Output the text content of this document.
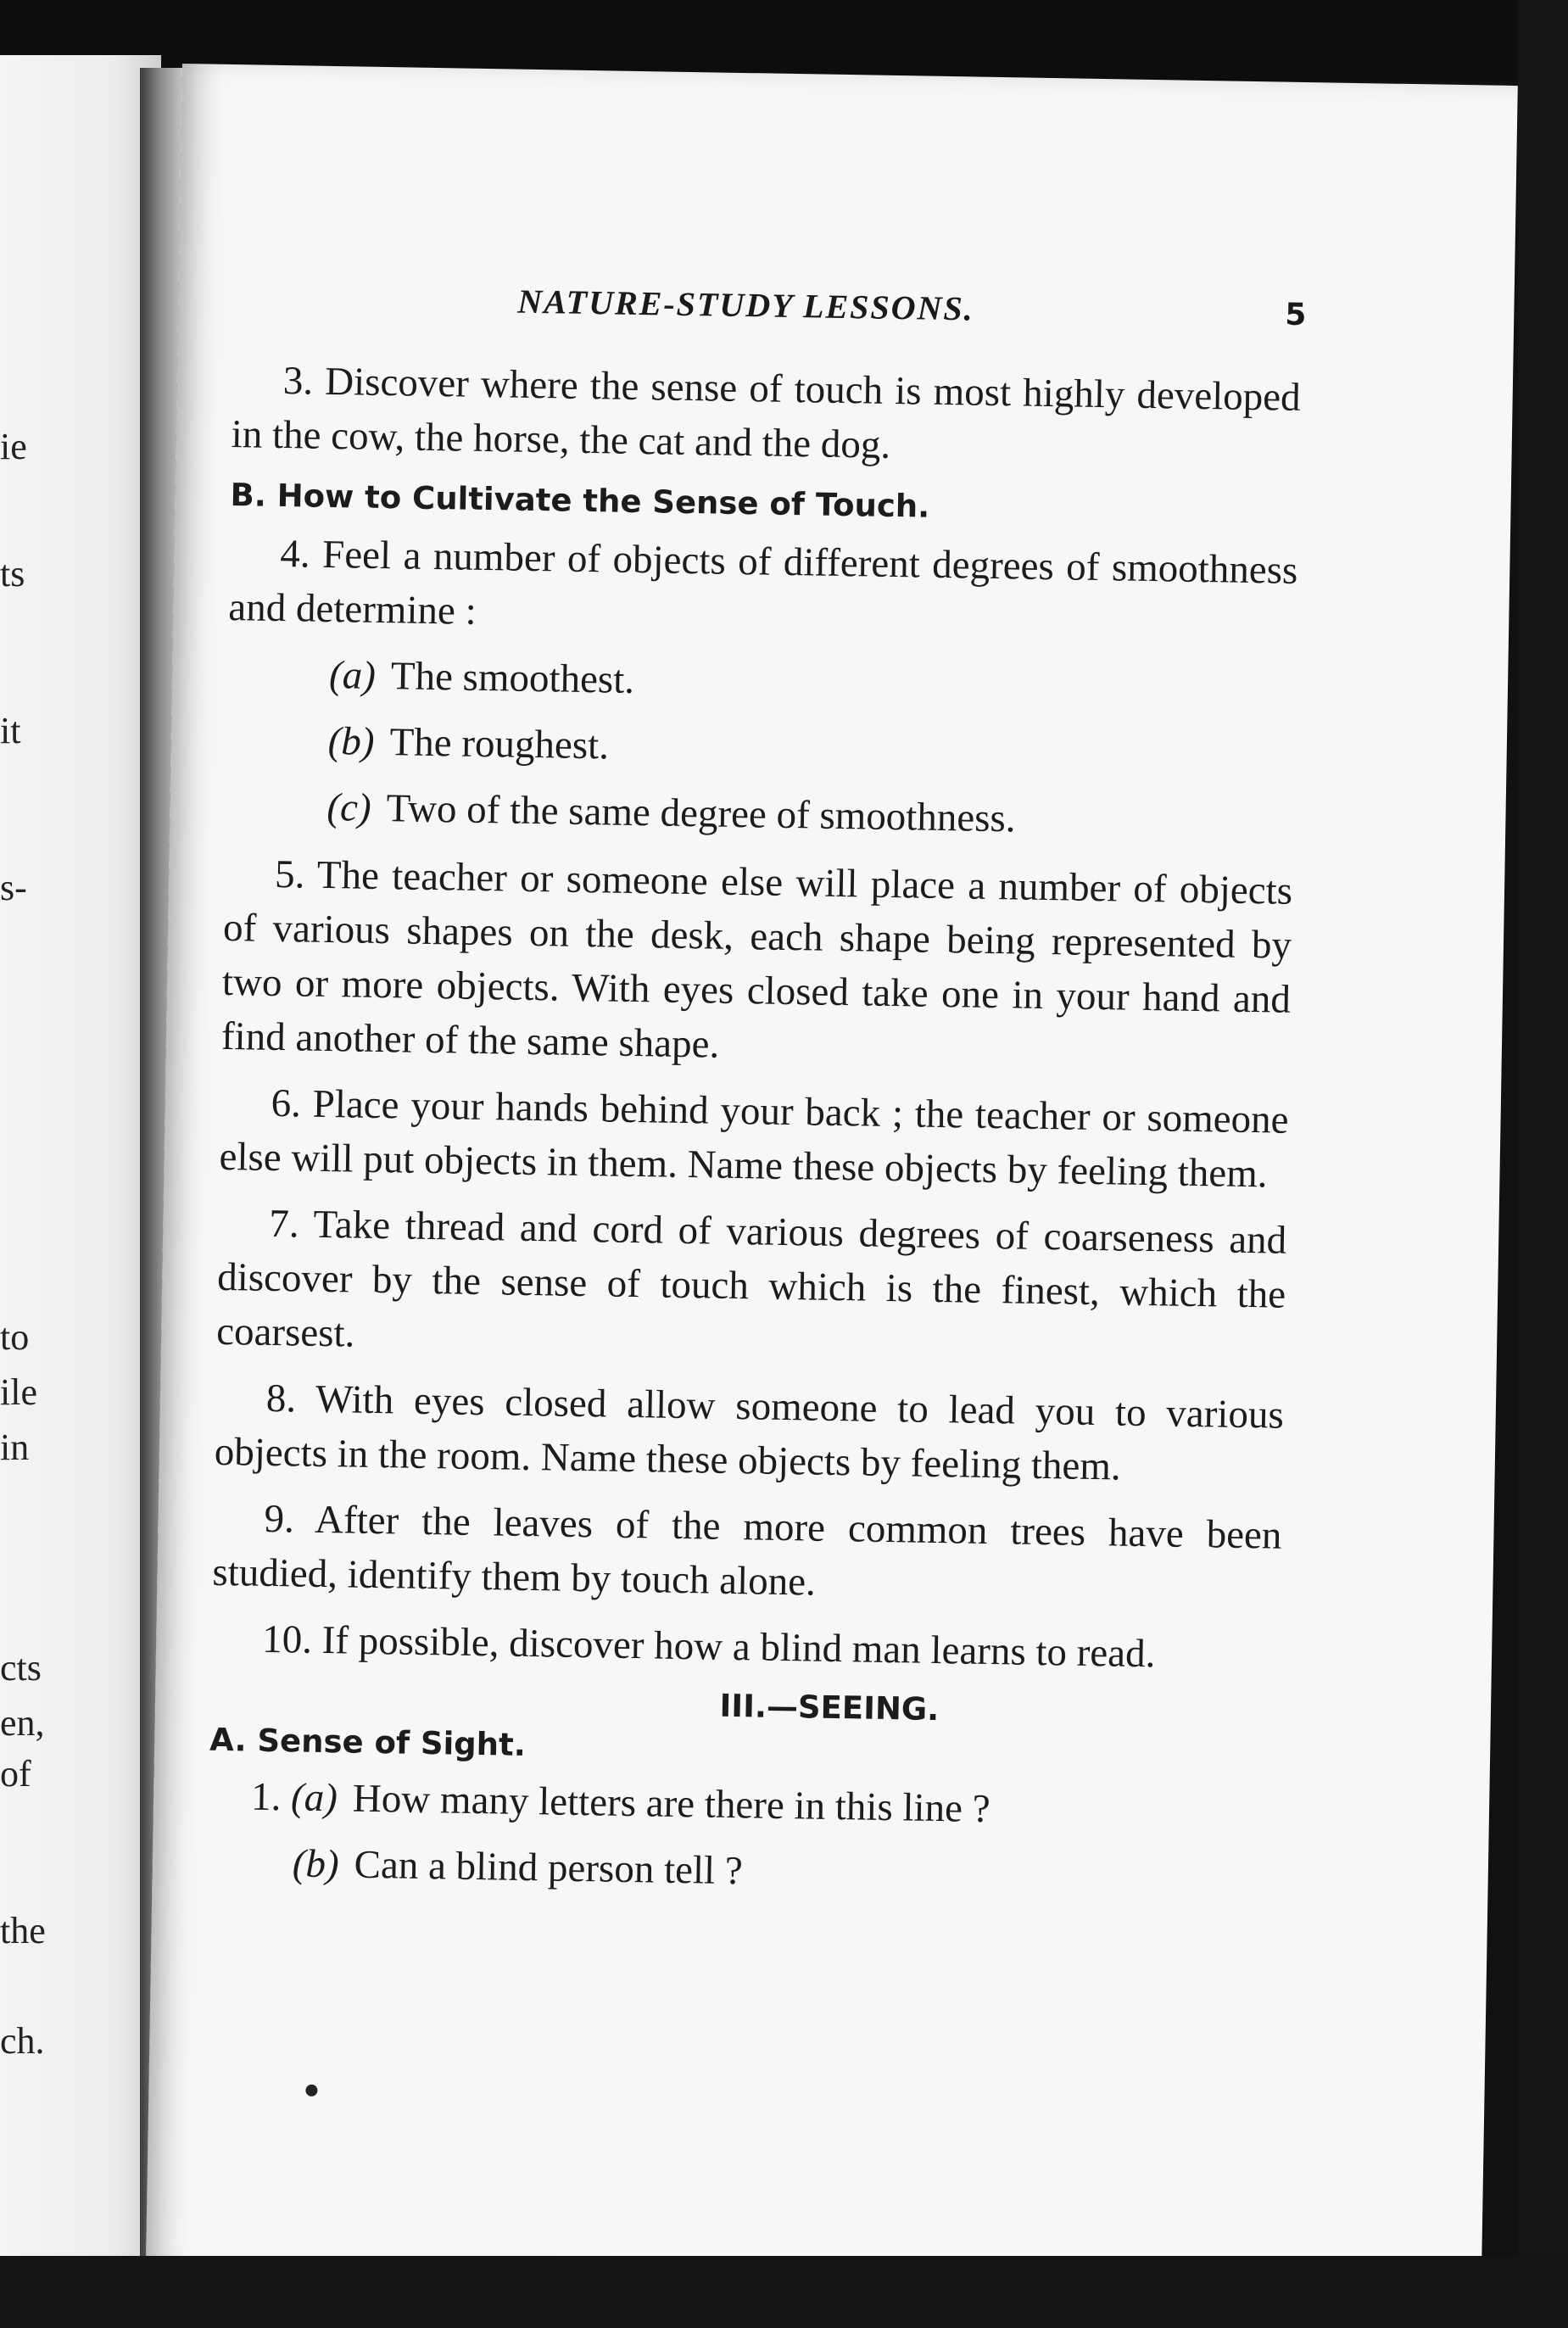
ie
ts
it
s-
to
ile
in
cts
en,
of
the
ch.
NATURE-STUDY LESSONS.	5

3. Discover where the sense of touch is most highly developed in the cow, the horse, the cat and the dog.

B. How to Cultivate the Sense of Touch.

4. Feel a number of objects of different degrees of smoothness and determine :

(a) The smoothest.

(b) The roughest.

(c) Two of the same degree of smoothness.

5. The teacher or someone else will place a number of objects of various shapes on the desk, each shape being represented by two or more objects. With eyes closed take one in your hand and find another of the same shape.

6. Place your hands behind your back ; the teacher or someone else will put objects in them. Name these objects by feeling them.

7. Take thread and cord of various degrees of coarseness and discover by the sense of touch which is the finest, which the coarsest.

8. With eyes closed allow someone to lead you to various objects in the room. Name these objects by feeling them.

9. After the leaves of the more common trees have been studied, identify them by touch alone.

10. If possible, discover how a blind man learns to read.

III.—SEEING.
A. Sense of Sight.

1. (a) How many letters are there in this line ?

(b) Can a blind person tell ?
